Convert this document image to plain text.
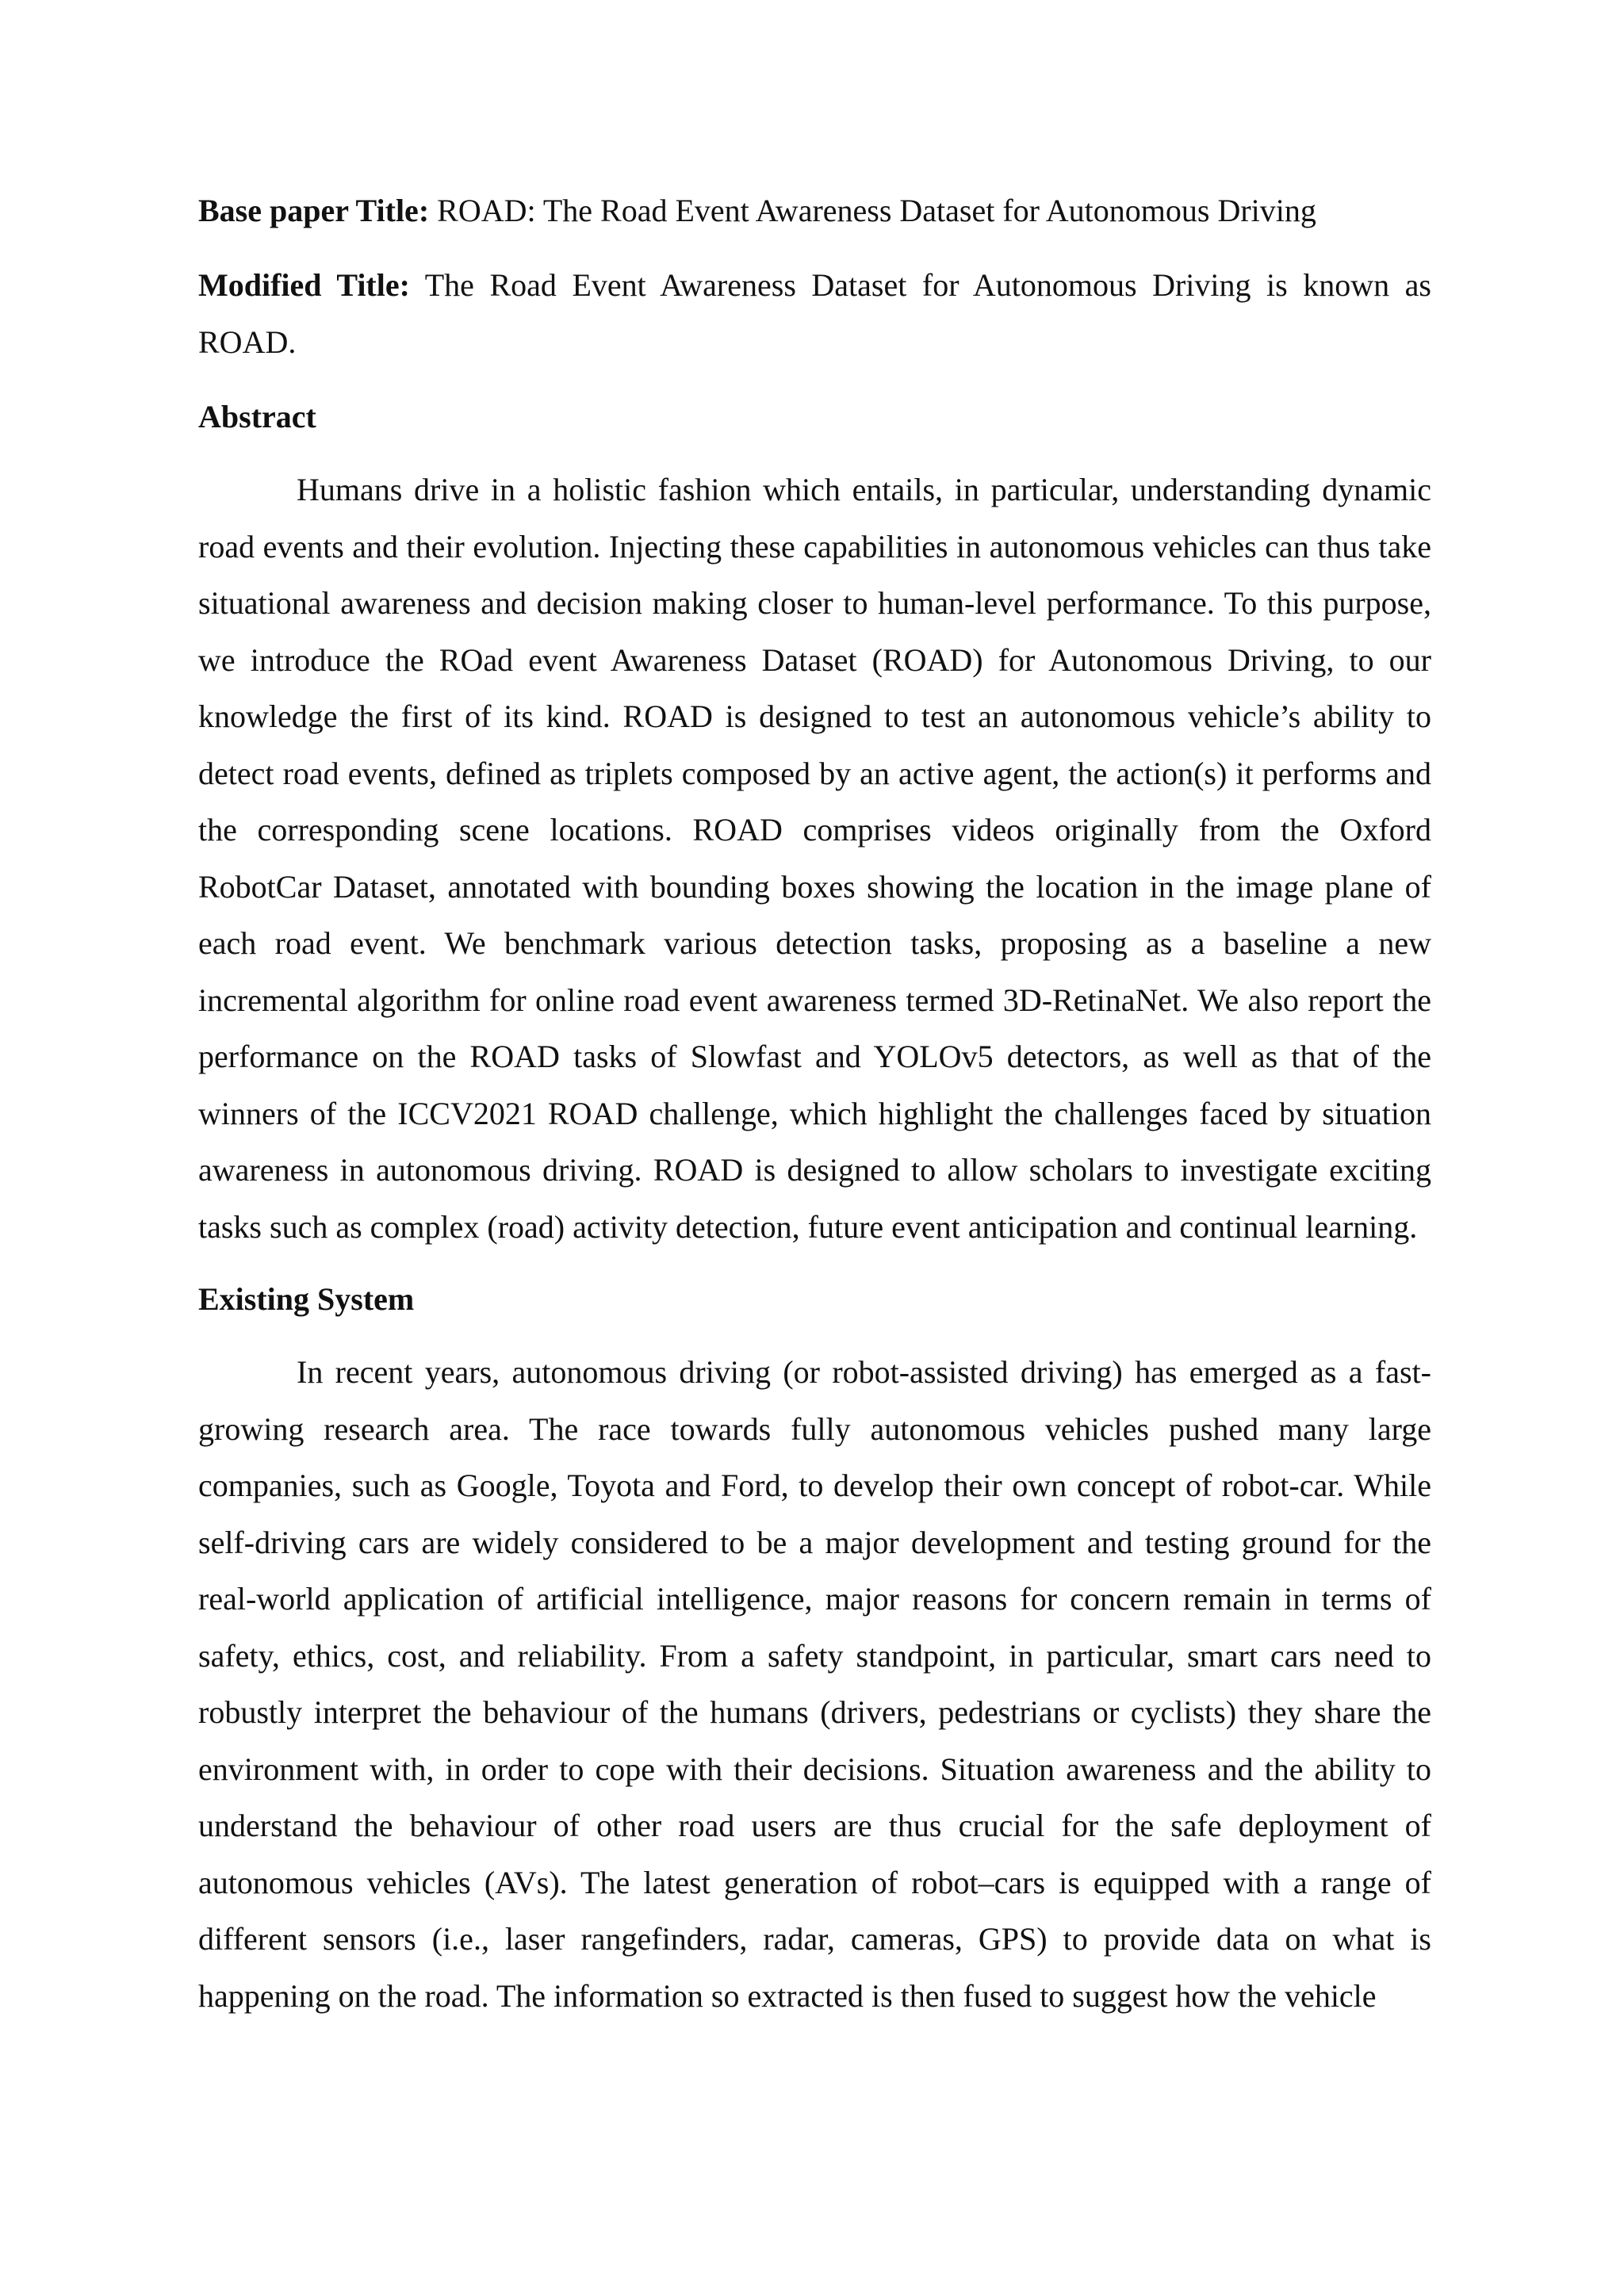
Base paper Title: ROAD: The Road Event Awareness Dataset for Autonomous Driving
Modified Title: The Road Event Awareness Dataset for Autonomous Driving is known as ROAD.
Abstract

Humans drive in a holistic fashion which entails, in particular, understanding dynamic road events and their evolution. Injecting these capabilities in autonomous vehicles can thus take situational awareness and decision making closer to human-level performance. To this purpose, we introduce the ROad event Awareness Dataset (ROAD) for Autonomous Driving, to our knowledge the first of its kind. ROAD is designed to test an autonomous vehicle’s ability to detect road events, defined as triplets composed by an active agent, the action(s) it performs and the corresponding scene locations. ROAD comprises videos originally from the Oxford RobotCar Dataset, annotated with bounding boxes showing the location in the image plane of each road event. We benchmark various detection tasks, proposing as a baseline a new incremental algorithm for online road event awareness termed 3D-RetinaNet. We also report the performance on the ROAD tasks of Slowfast and YOLOv5 detectors, as well as that of the winners of the ICCV2021 ROAD challenge, which highlight the challenges faced by situation awareness in autonomous driving. ROAD is designed to allow scholars to investigate exciting tasks such as complex (road) activity detection, future event anticipation and continual learning.

Existing System

In recent years, autonomous driving (or robot-assisted driving) has emerged as a fast-growing research area. The race towards fully autonomous vehicles pushed many large companies, such as Google, Toyota and Ford, to develop their own concept of robot-car. While self-driving cars are widely considered to be a major development and testing ground for the real-world application of artificial intelligence, major reasons for concern remain in terms of safety, ethics, cost, and reliability. From a safety standpoint, in particular, smart cars need to robustly interpret the behaviour of the humans (drivers, pedestrians or cyclists) they share the environment with, in order to cope with their decisions. Situation awareness and the ability to understand the behaviour of other road users are thus crucial for the safe deployment of autonomous vehicles (AVs). The latest generation of robot–cars is equipped with a range of different sensors (i.e., laser rangefinders, radar, cameras, GPS) to provide data on what is happening on the road. The information so extracted is then fused to suggest how the vehicle
